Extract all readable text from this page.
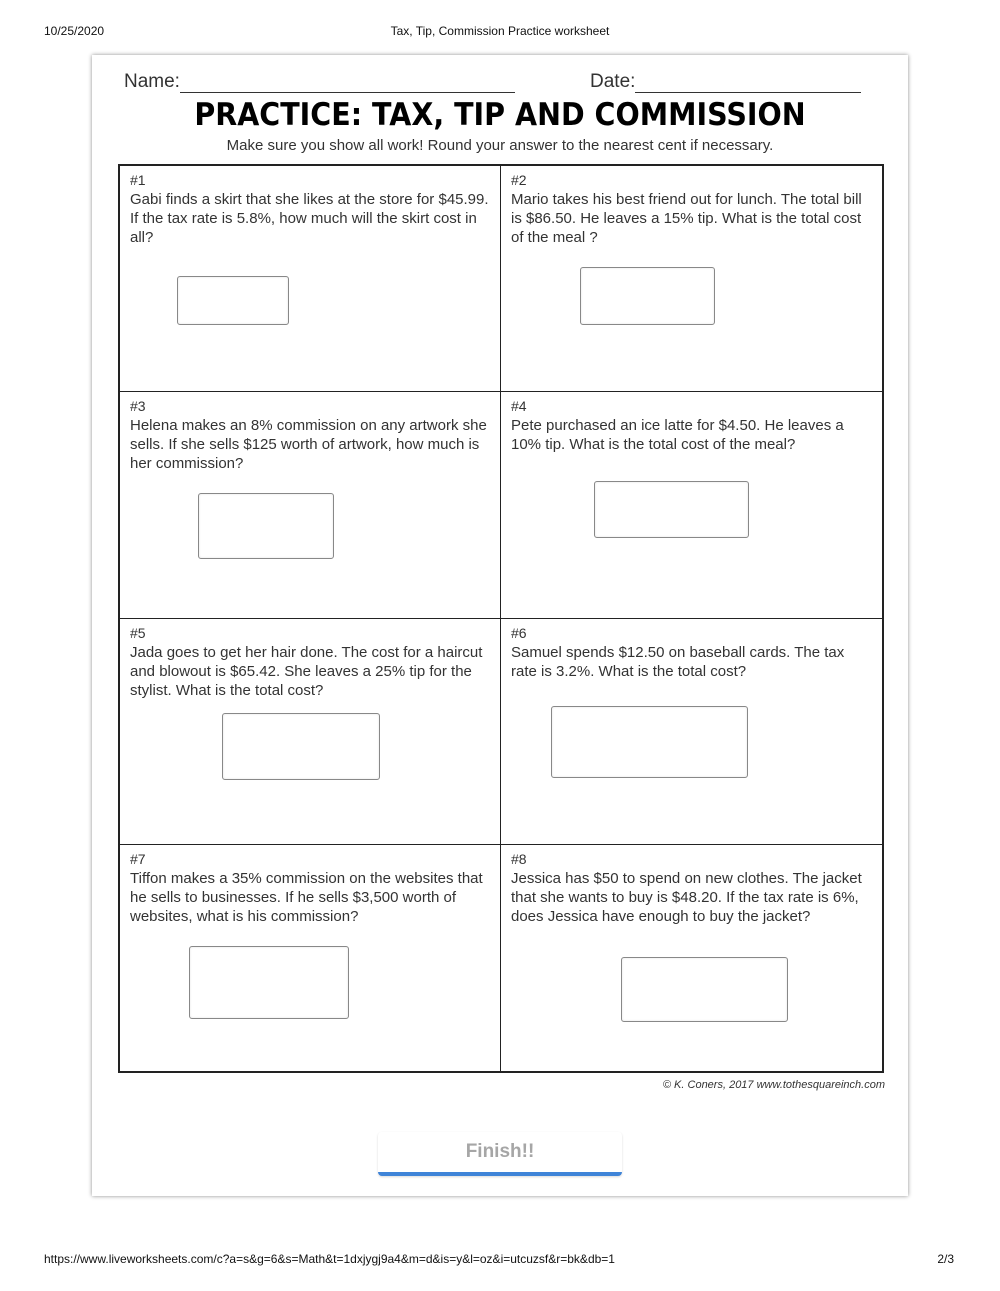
10/25/2020	Tax, Tip, Commission Practice worksheet
Name:	Date:
PRACTICE: TAX, TIP AND COMMISSION
Make sure you show all work! Round your answer to the nearest cent if necessary.
#1
Gabi finds a skirt that she likes at the store for $45.99. If the tax rate is 5.8%, how much will the skirt cost in all?
#2
Mario takes his best friend out for lunch. The total bill is $86.50. He leaves a 15% tip. What is the total cost of the meal ?
#3
Helena makes an 8% commission on any artwork she sells. If she sells $125 worth of artwork, how much is her commission?
#4
Pete purchased an ice latte for $4.50. He leaves a 10% tip. What is the total cost of the meal?
#5
Jada goes to get her hair done. The cost for a haircut and blowout is $65.42. She leaves a 25% tip for the stylist. What is the total cost?
#6
Samuel spends $12.50 on baseball cards. The tax rate is 3.2%. What is the total cost?
#7
Tiffon makes a 35% commission on the websites that he sells to businesses. If he sells $3,500 worth of websites, what is his commission?
#8
Jessica has $50 to spend on new clothes. The jacket that she wants to buy is $48.20. If the tax rate is 6%, does Jessica have enough to buy the jacket?
© K. Coners, 2017 www.tothesquareinch.com
Finish!!
https://www.liveworksheets.com/c?a=s&g=6&s=Math&t=1dxjygj9a4&m=d&is=y&l=oz&i=utcuzsf&r=bk&db=1	2/3
